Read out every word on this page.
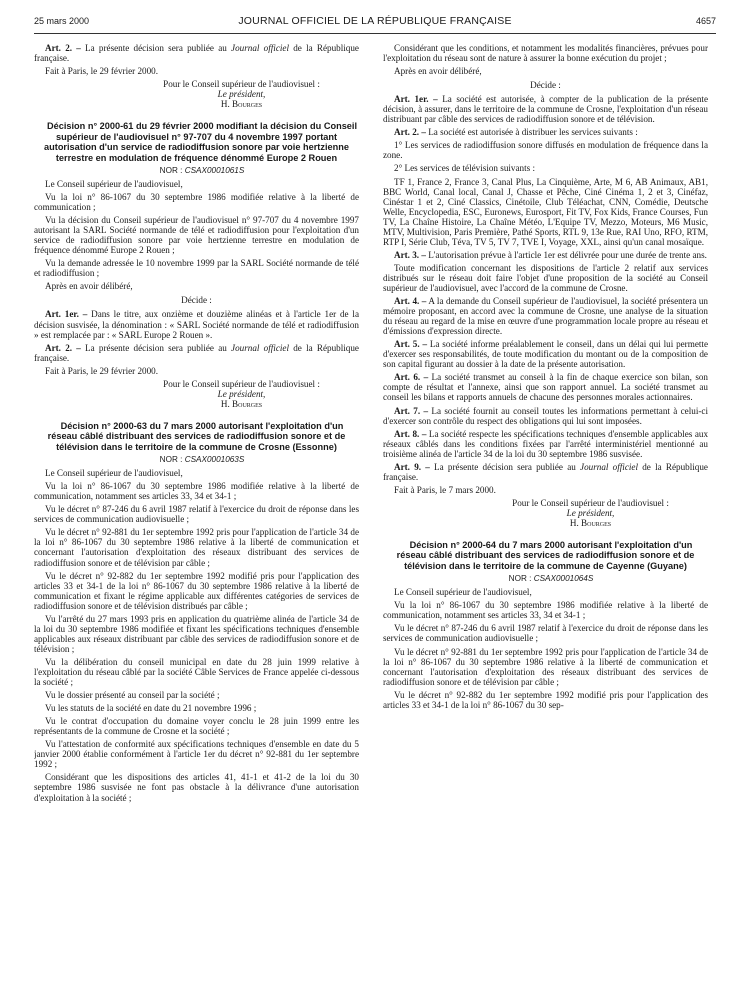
25 mars 2000	JOURNAL OFFICIEL DE LA RÉPUBLIQUE FRANÇAISE	4657

Art. 2. – La présente décision sera publiée au Journal officiel de la République française.

Fait à Paris, le 29 février 2000.

Pour le Conseil supérieur de l'audiovisuel :

Le président,

H. Bourges

Décision n° 2000-61 du 29 février 2000 modifiant la décision du Conseil supérieur de l'audiovisuel n° 97-707 du 4 novembre 1997 portant autorisation d'un service de radiodiffusion sonore par voie hertzienne terrestre en modulation de fréquence dénommé Europe 2 Rouen

NOR : CSAX0001061S

Le Conseil supérieur de l'audiovisuel,

Vu la loi n° 86-1067 du 30 septembre 1986 modifiée relative à la liberté de communication ;

Vu la décision du Conseil supérieur de l'audiovisuel n° 97-707 du 4 novembre 1997 autorisant la SARL Société normande de télé et radiodiffusion pour l'exploitation d'un service de radiodiffusion sonore par voie hertzienne terrestre en modulation de fréquence dénommé Europe 2 Rouen ;

Vu la demande adressée le 10 novembre 1999 par la SARL Société normande de télé et radiodiffusion ;

Après en avoir délibéré,

Décide :

Art. 1er. – Dans le titre, aux onzième et douzième alinéas et à l'article 1er de la décision susvisée, la dénomination : « SARL Société normande de télé et radiodiffusion » est remplacée par : « SARL Europe 2 Rouen ».

Art. 2. – La présente décision sera publiée au Journal officiel de la République française.

Fait à Paris, le 29 février 2000.

Pour le Conseil supérieur de l'audiovisuel :

Le président,

H. Bourges

Décision n° 2000-63 du 7 mars 2000 autorisant l'exploitation d'un réseau câblé distribuant des services de radiodiffusion sonore et de télévision dans le territoire de la commune de Crosne (Essonne)

NOR : CSAX0001063S

Le Conseil supérieur de l'audiovisuel,

Vu la loi n° 86-1067 du 30 septembre 1986 modifiée relative à la liberté de communication, notamment ses articles 33, 34 et 34-1 ;

Vu le décret n° 87-246 du 6 avril 1987 relatif à l'exercice du droit de réponse dans les services de communication audiovisuelle ;

Vu le décret n° 92-881 du 1er septembre 1992 pris pour l'application de l'article 34 de la loi n° 86-1067 du 30 septembre 1986 relative à la liberté de communication et concernant l'autorisation d'exploitation des réseaux distribuant des services de radiodiffusion sonore et de télévision par câble ;

Vu le décret n° 92-882 du 1er septembre 1992 modifié pris pour l'application des articles 33 et 34-1 de la loi n° 86-1067 du 30 septembre 1986 relative à la liberté de communication et fixant le régime applicable aux différentes catégories de services de radiodiffusion sonore et de télévision distribués par câble ;

Vu l'arrêté du 27 mars 1993 pris en application du quatrième alinéa de l'article 34 de la loi du 30 septembre 1986 modifiée et fixant les spécifications techniques d'ensemble applicables aux réseaux distribuant par câble des services de radiodiffusion sonore et de télévision ;

Vu la délibération du conseil municipal en date du 28 juin 1999 relative à l'exploitation du réseau câblé par la société Câble Services de France appelée ci-dessous la société ;

Vu le dossier présenté au conseil par la société ;

Vu les statuts de la société en date du 21 novembre 1996 ;

Vu le contrat d'occupation du domaine voyer conclu le 28 juin 1999 entre les représentants de la commune de Crosne et la société ;

Vu l'attestation de conformité aux spécifications techniques d'ensemble en date du 5 janvier 2000 établie conformément à l'article 1er du décret n° 92-881 du 1er septembre 1992 ;

Considérant que les dispositions des articles 41, 41-1 et 41-2 de la loi du 30 septembre 1986 susvisée ne font pas obstacle à la délivrance d'une autorisation d'exploitation à la société ;

Considérant que les conditions, et notamment les modalités financières, prévues pour l'exploitation du réseau sont de nature à assurer la bonne exécution du projet ;

Après en avoir délibéré,

Décide :

Art. 1er. – La société est autorisée, à compter de la publication de la présente décision, à assurer, dans le territoire de la commune de Crosne, l'exploitation d'un réseau distribuant par câble des services de radiodiffusion sonore et de télévision.

Art. 2. – La société est autorisée à distribuer les services suivants :

1° Les services de radiodiffusion sonore diffusés en modulation de fréquence dans la zone.

2° Les services de télévision suivants :

TF 1, France 2, France 3, Canal Plus, La Cinquième, Arte, M 6, AB Animaux, AB1, BBC World, Canal local, Canal J, Chasse et Pêche, Ciné Cinéma 1, 2 et 3, Cinéfaz, Cinéstar 1 et 2, Ciné Classics, Cinétoile, Club Téléachat, CNN, Comédie, Deutsche Welle, Encyclopedia, ESC, Euronews, Eurosport, Fit TV, Fox Kids, France Courses, Fun TV, La Chaîne Histoire, La Chaîne Météo, L'Equipe TV, Mezzo, Moteurs, M6 Music, MTV, Multivision, Paris Première, Pathé Sports, RTL 9, 13e Rue, RAI Uno, RFO, RTM, RTP I, Série Club, Téva, TV 5, TV 7, TVE I, Voyage, XXL, ainsi qu'un canal mosaïque.

Art. 3. – L'autorisation prévue à l'article 1er est délivrée pour une durée de trente ans.

Toute modification concernant les dispositions de l'article 2 relatif aux services distribués sur le réseau doit faire l'objet d'une proposition de la société au Conseil supérieur de l'audiovisuel, avec l'accord de la commune de Crosne.

Art. 4. – A la demande du Conseil supérieur de l'audiovisuel, la société présentera un mémoire proposant, en accord avec la commune de Crosne, une analyse de la situation du réseau au regard de la mise en œuvre d'une programmation locale propre au réseau et d'émissions d'expression directe.

Art. 5. – La société informe préalablement le conseil, dans un délai qui lui permette d'exercer ses responsabilités, de toute modification du montant ou de la composition de son capital figurant au dossier à la date de la présente autorisation.

Art. 6. – La société transmet au conseil à la fin de chaque exercice son bilan, son compte de résultat et l'annexe, ainsi que son rapport annuel. La société transmet au conseil les bilans et rapports annuels de chacune des personnes morales actionnaires.

Art. 7. – La société fournit au conseil toutes les informations permettant à celui-ci d'exercer son contrôle du respect des obligations qui lui sont imposées.

Art. 8. – La société respecte les spécifications techniques d'ensemble applicables aux réseaux câblés dans les conditions fixées par l'arrêté interministériel mentionné au troisième alinéa de l'article 34 de la loi du 30 septembre 1986 susvisée.

Art. 9. – La présente décision sera publiée au Journal officiel de la République française.

Fait à Paris, le 7 mars 2000.

Pour le Conseil supérieur de l'audiovisuel :

Le président,

H. Bourges

Décision n° 2000-64 du 7 mars 2000 autorisant l'exploitation d'un réseau câblé distribuant des services de radiodiffusion sonore et de télévision dans le territoire de la commune de Cayenne (Guyane)

NOR : CSAX0001064S

Le Conseil supérieur de l'audiovisuel,

Vu la loi n° 86-1067 du 30 septembre 1986 modifiée relative à la liberté de communication, notamment ses articles 33, 34 et 34-1 ;

Vu le décret n° 87-246 du 6 avril 1987 relatif à l'exercice du droit de réponse dans les services de communication audiovisuelle ;

Vu le décret n° 92-881 du 1er septembre 1992 pris pour l'application de l'article 34 de la loi n° 86-1067 du 30 septembre 1986 relative à la liberté de communication et concernant l'autorisation d'exploitation des réseaux distribuant des services de radiodiffusion sonore et de télévision par câble ;

Vu le décret n° 92-882 du 1er septembre 1992 modifié pris pour l'application des articles 33 et 34-1 de la loi n° 86-1067 du 30 sep-
